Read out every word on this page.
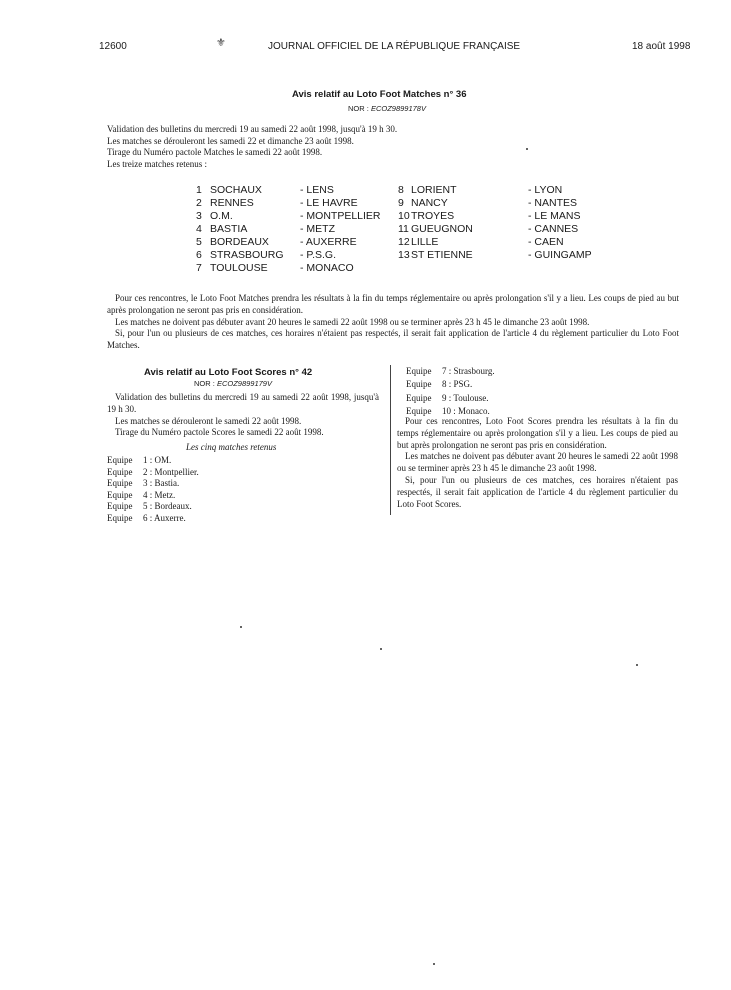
12600	⚜	JOURNAL OFFICIEL DE LA RÉPUBLIQUE FRANÇAISE	18 août 1998
Avis relatif au Loto Foot Matches n° 36
NOR : ECOZ9899178V
Validation des bulletins du mercredi 19 au samedi 22 août 1998, jusqu'à 19 h 30.
Les matches se dérouleront les samedi 22 et dimanche 23 août 1998.
Tirage du Numéro pactole Matches le samedi 22 août 1998.
Les treize matches retenus :
1 SOCHAUX	- LENS
2 RENNES	- LE HAVRE
3 O.M.	- MONTPELLIER
4 BASTIA	- METZ
5 BORDEAUX	- AUXERRE
6 STRASBOURG - P.S.G.
7 TOULOUSE	- MONACO
8 LORIENT	- LYON
9 NANCY	- NANTES
10 TROYES	- LE MANS
11 GUEUGNON	- CANNES
12 LILLE	- CAEN
13 ST ETIENNE	- GUINGAMP

Pour ces rencontres, le Loto Foot Matches prendra les résultats à la fin du temps réglementaire ou après prolongation s'il y a lieu. Les coups de pied au but après prolongation ne seront pas pris en considération.

Les matches ne doivent pas débuter avant 20 heures le samedi 22 août 1998 ou se terminer après 23 h 45 le dimanche 23 août 1998.

Si, pour l'un ou plusieurs de ces matches, ces horaires n'étaient pas respectés, il serait fait application de l'article 4 du règlement particulier du Loto Foot Matches.

Avis relatif au Loto Foot Scores n° 42
NOR : ECOZ9899179V

Validation des bulletins du mercredi 19 au samedi 22 août 1998, jusqu'à 19 h 30.

Les matches se dérouleront le samedi 22 août 1998.

Tirage du Numéro pactole Scores le samedi 22 août 1998.

Les cinq matches retenus
Equipe 1 : OM.
Equipe 2 : Montpellier.
Equipe 3 : Bastia.
Equipe 4 : Metz.
Equipe 5 : Bordeaux.
Equipe 6 : Auxerre.
Equipe 7 : Strasbourg.
Equipe 8 : PSG.
Equipe 9 : Toulouse.
Equipe 10 : Monaco.

Pour ces rencontres, Loto Foot Scores prendra les résultats à la fin du temps réglementaire ou après prolongation s'il y a lieu. Les coups de pied au but après prolongation ne seront pas pris en considération.

Les matches ne doivent pas débuter avant 20 heures le samedi 22 août 1998 ou se terminer après 23 h 45 le dimanche 23 août 1998.

Si, pour l'un ou plusieurs de ces matches, ces horaires n'étaient pas respectés, il serait fait application de l'article 4 du règlement particulier du Loto Foot Scores.
